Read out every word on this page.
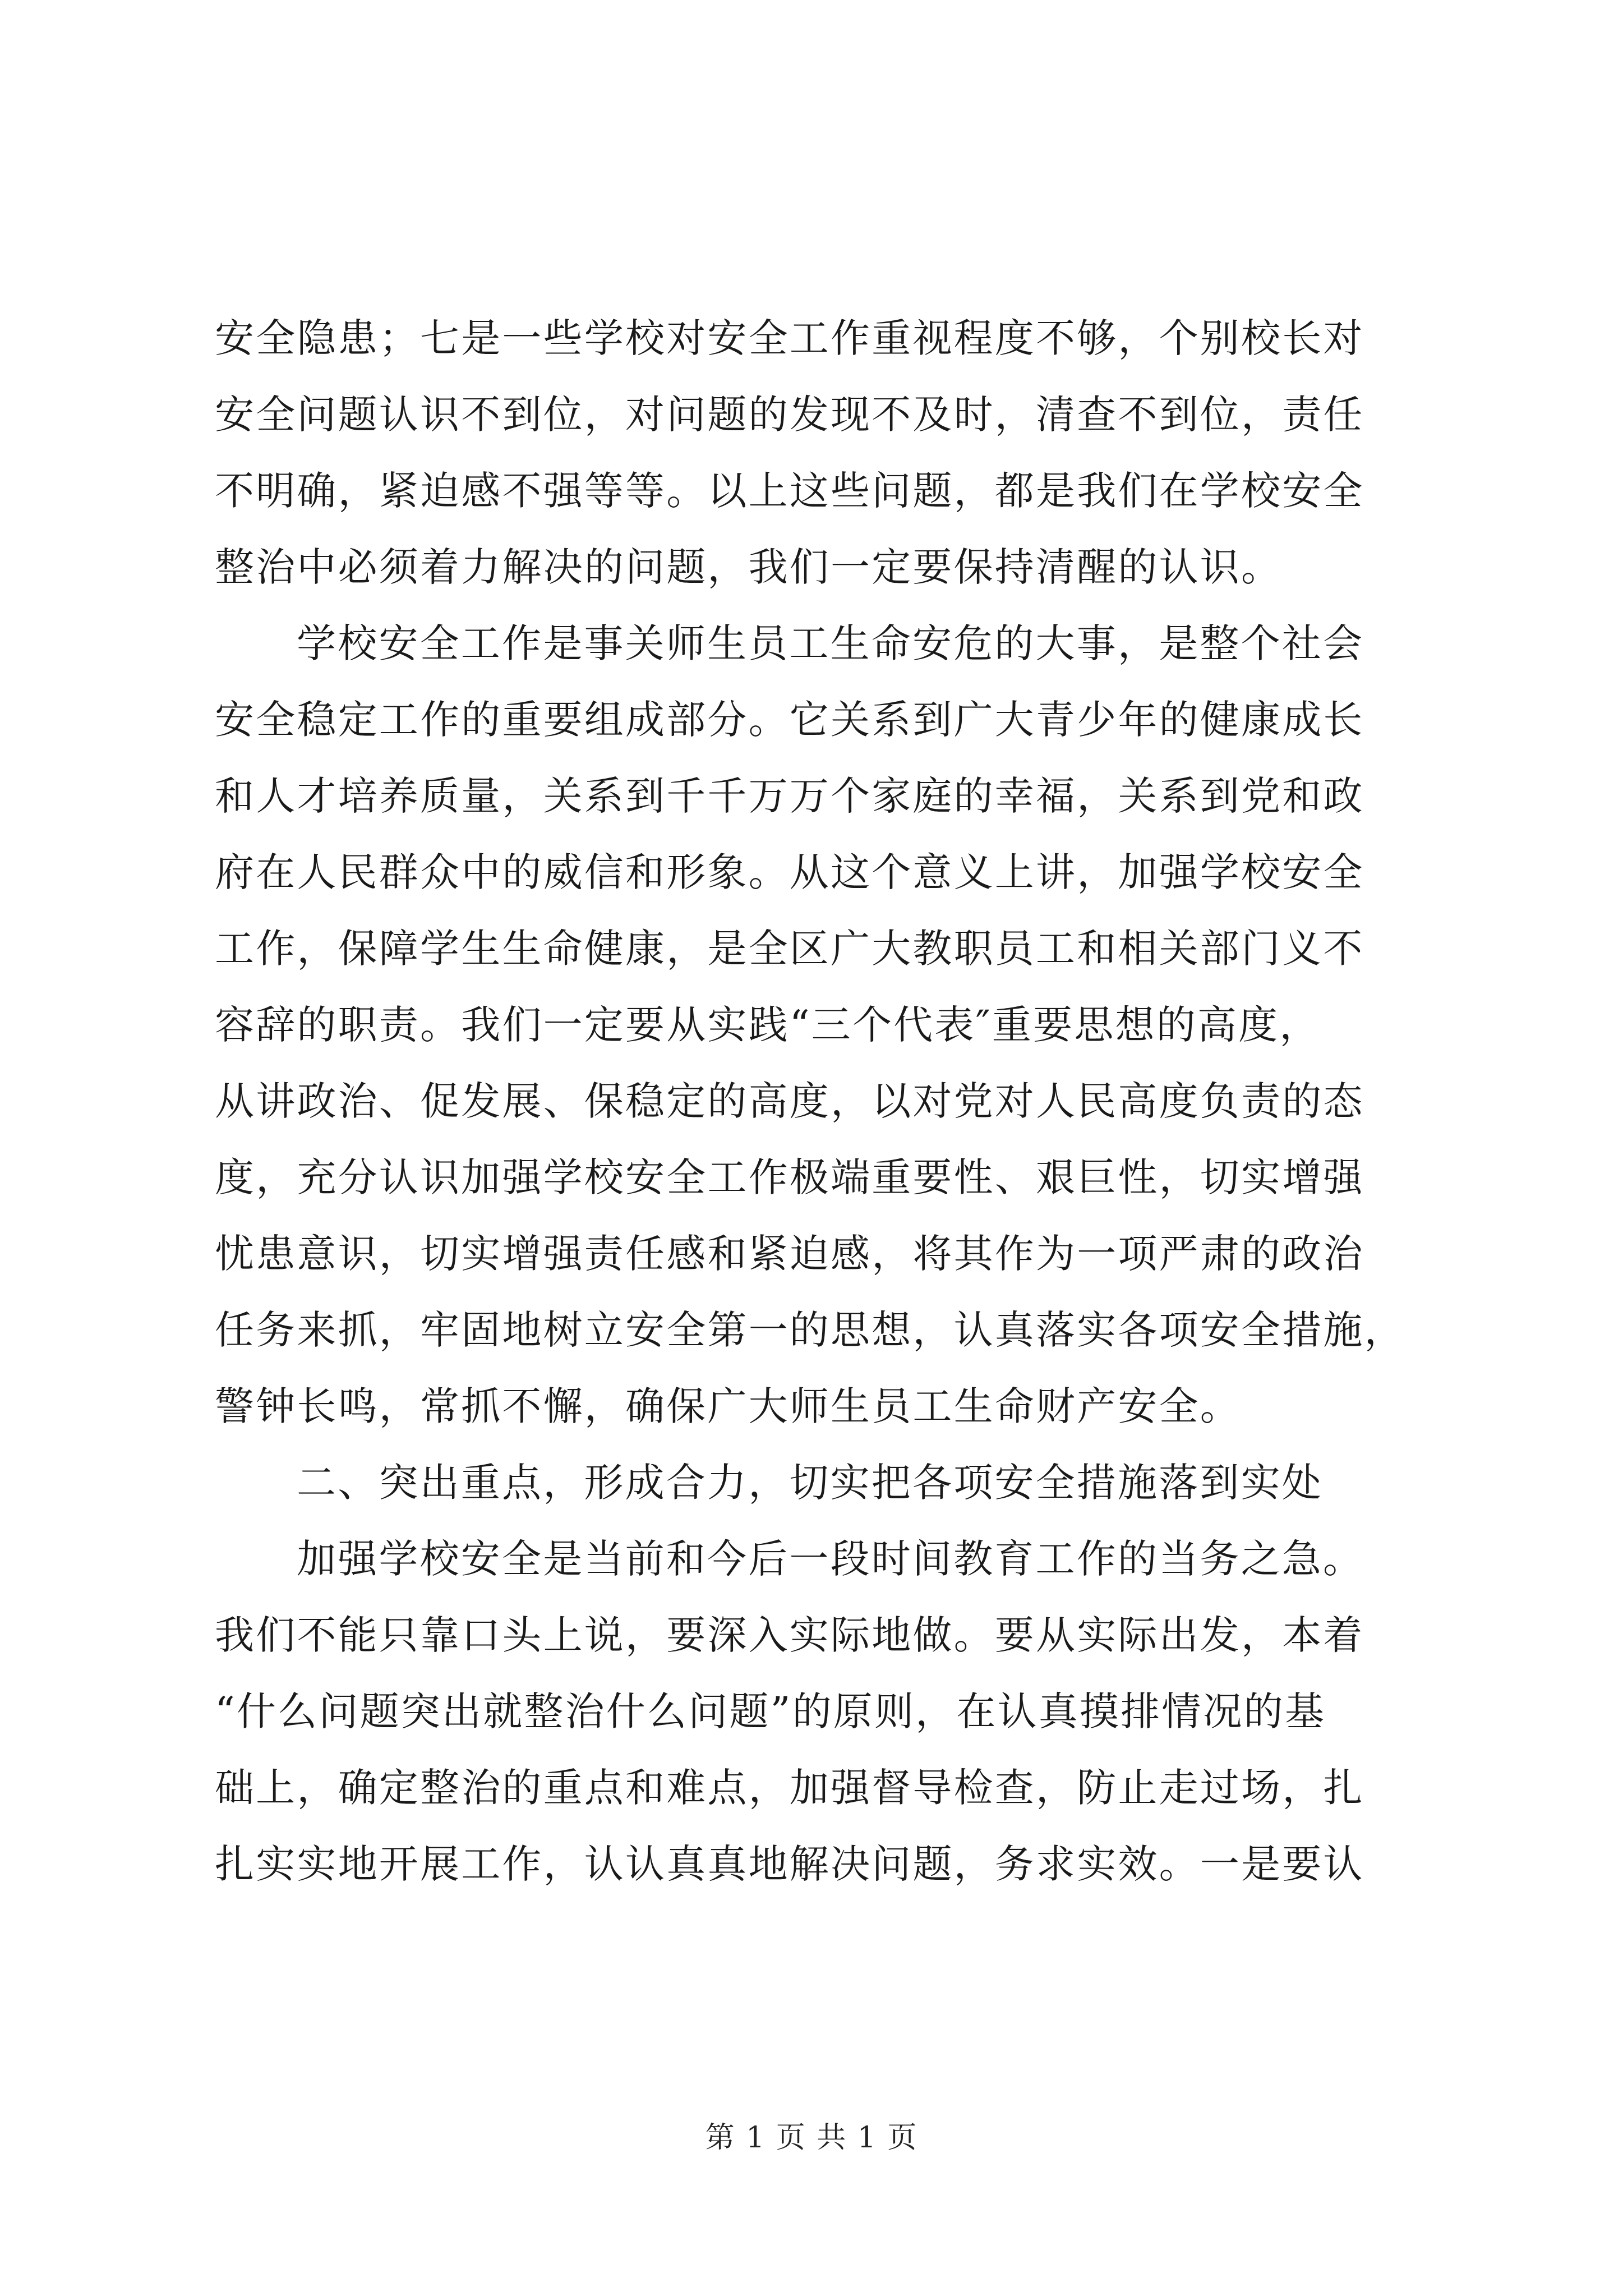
安全隐患；七是一些学校对安全工作重视程度不够，个别校长对
安全问题认识不到位，对问题的发现不及时，清查不到位，责任
不明确，紧迫感不强等等。以上这些问题，都是我们在学校安全
整治中必须着力解决的问题，我们一定要保持清醒的认识。
学校安全工作是事关师生员工生命安危的大事，是整个社会
安全稳定工作的重要组成部分。它关系到广大青少年的健康成长
和人才培养质量，关系到千千万万个家庭的幸福，关系到党和政
府在人民群众中的威信和形象。从这个意义上讲，加强学校安全
工作，保障学生生命健康，是全区广大教职员工和相关部门义不
容辞的职责。我们一定要从实践“三个代表″重要思想的高度，
从讲政治、促发展、保稳定的高度，以对党对人民高度负责的态
度，充分认识加强学校安全工作极端重要性、艰巨性，切实增强
忧患意识，切实增强责任感和紧迫感，将其作为一项严肃的政治
任务来抓，牢固地树立安全第一的思想，认真落实各项安全措施，
警钟长鸣，常抓不懈，确保广大师生员工生命财产安全。
二、突出重点，形成合力，切实把各项安全措施落到实处
加强学校安全是当前和今后一段时间教育工作的当务之急。
我们不能只靠口头上说，要深入实际地做。要从实际出发，本着
“什么问题突出就整治什么问题”的原则，在认真摸排情况的基
础上，确定整治的重点和难点，加强督导检查，防止走过场，扎
扎实实地开展工作，认认真真地解决问题，务求实效。一是要认
第 1 页 共 1 页
